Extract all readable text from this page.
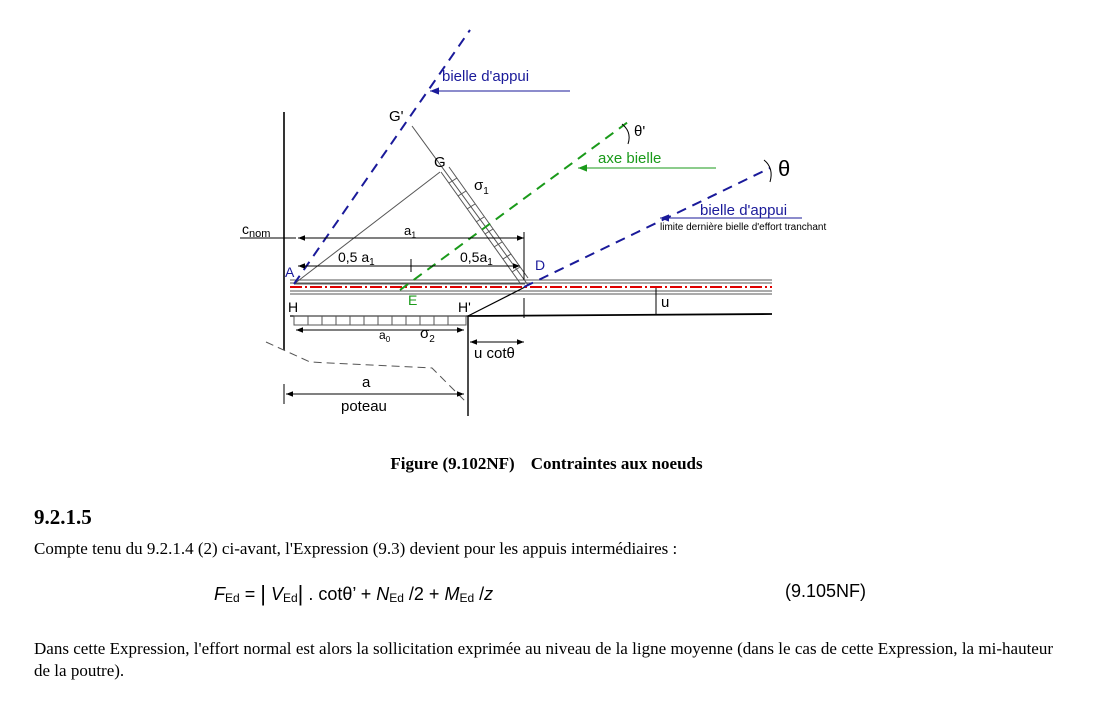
bielle d'appui
θ'
axe bielle	θ
bielle d'appui
limite dernière bielle d'effort tranchant
G'
G
$\sigma_1$
$c_{nom}$	$a_1$
0,5 $a_1$	$0,5a_1$
A	D
H	E	H'	u
$a_0$ $\sigma_2$
u cotθ
a
poteau
Figure (9.102NF) Contraintes aux noeuds
9.2.1.5
Compte tenu du 9.2.1.4 (2) ci-avant, l'Expression (9.3) devient pour les appuis intermédiaires :
$F_{Ed}$ = | $V_{Ed}|$ . cotθ’ + $N_{Ed}$ $/2 + M_{Ed}$ /z	(9.105NF)
Dans cette Expression, l'effort normal est alors la sollicitation exprimée au niveau de la ligne moyenne (dans le cas de cette Expression, la mi-hauteur de la poutre).
